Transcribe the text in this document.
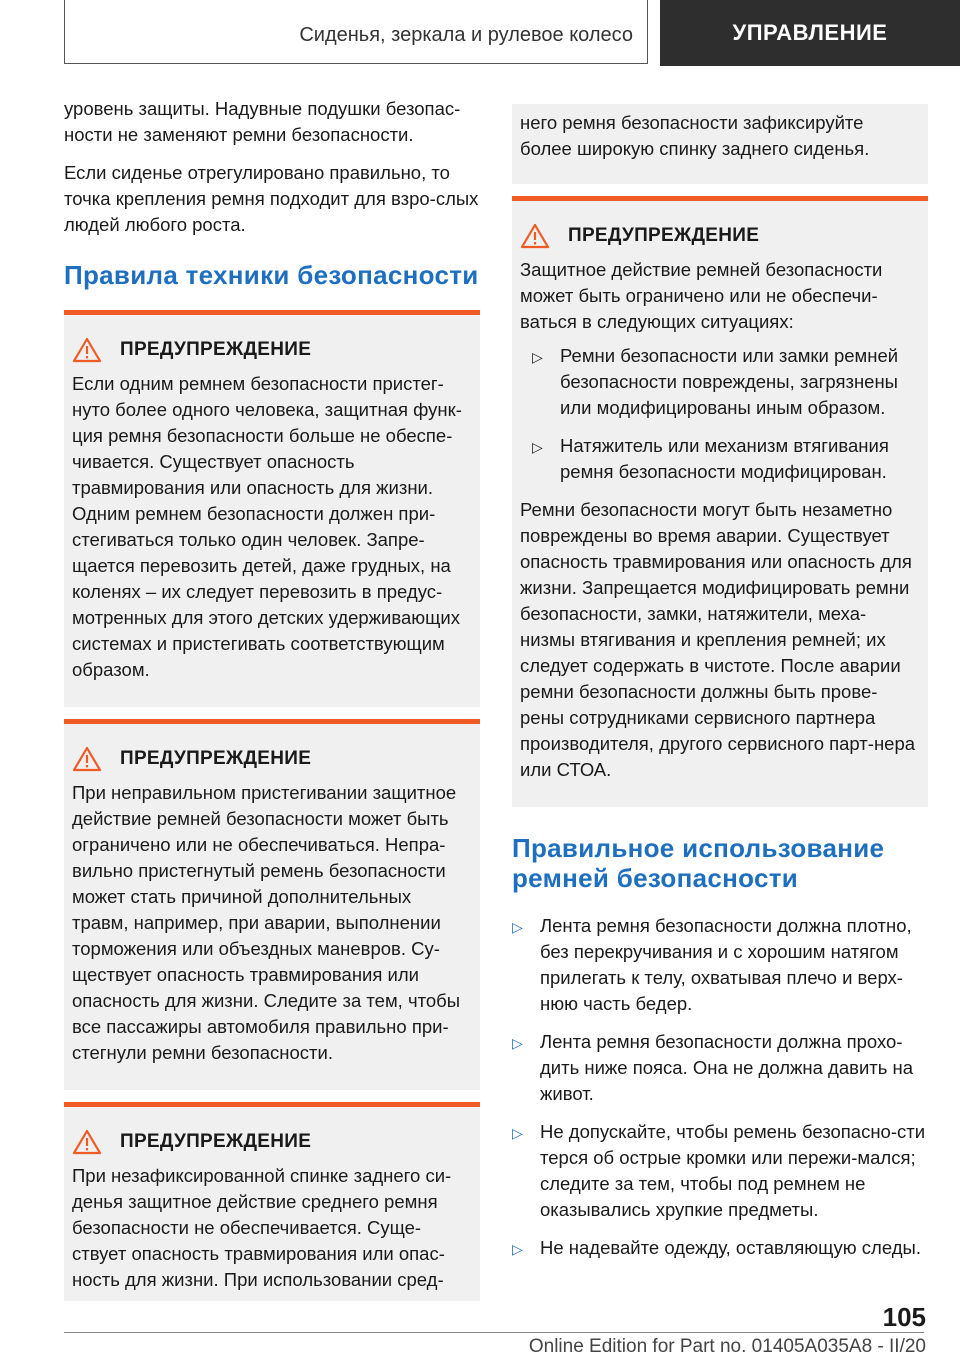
Сиденья, зеркала и рулевое колесо	УПРАВЛЕНИЕ

уровень защиты. Надувные подушки безопас-ности не заменяют ремни безопасности.

Если сиденье отрегулировано правильно, то точка крепления ремня подходит для взро-слых людей любого роста.

Правила техники безопасности
ПРЕДУПРЕЖДЕНИЕ

Если одним ремнем безопасности пристег-нуто более одного человека, защитная функ-ция ремня безопасности больше не обеспе-чивается. Существует опасность травмирования или опасность для жизни. Одним ремнем безопасности должен при-стегиваться только один человек. Запре-щается перевозить детей, даже грудных, на коленях – их следует перевозить в предус-мотренных для этого детских удерживающих системах и пристегивать соответствующим образом.

ПРЕДУПРЕЖДЕНИЕ

При неправильном пристегивании защитное действие ремней безопасности может быть ограничено или не обеспечиваться. Непра-вильно пристегнутый ремень безопасности может стать причиной дополнительных травм, например, при аварии, выполнении торможения или объездных маневров. Су-ществует опасность травмирования или опасность для жизни. Следите за тем, чтобы все пассажиры автомобиля правильно при-стегнули ремни безопасности.

ПРЕДУПРЕЖДЕНИЕ

При незафиксированной спинке заднего си-денья защитное действие среднего ремня безопасности не обеспечивается. Суще-ствует опасность травмирования или опас-ность для жизни. При использовании сред-

него ремня безопасности зафиксируйте более широкую спинку заднего сиденья.

ПРЕДУПРЕЖДЕНИЕ

Защитное действие ремней безопасности может быть ограничено или не обеспечи-ваться в следующих ситуациях:

▷ Ремни безопасности или замки ремней безопасности повреждены, загрязнены или модифицированы иным образом.
▷ Натяжитель или механизм втягивания ремня безопасности модифицирован.

Ремни безопасности могут быть незаметно повреждены во время аварии. Существует опасность травмирования или опасность для жизни. Запрещается модифицировать ремни безопасности, замки, натяжители, меха-низмы втягивания и крепления ремней; их следует содержать в чистоте. После аварии ремни безопасности должны быть прове-рены сотрудниками сервисного партнера производителя, другого сервисного парт-нера или СТОА.

Правильное использование ремней безопасности
▷ Лента ремня безопасности должна плотно, без перекручивания и с хорошим натягом прилегать к телу, охватывая плечо и верх-нюю часть бедер.
▷ Лента ремня безопасности должна прохо-дить ниже пояса. Она не должна давить на живот.
▷ Не допускайте, чтобы ремень безопасно-сти терся об острые кромки или пережи-мался; следите за тем, чтобы под ремнем не оказывались хрупкие предметы.
▷ Не надевайте одежду, оставляющую следы.
105
Online Edition for Part no. 01405A035A8 - II/20
